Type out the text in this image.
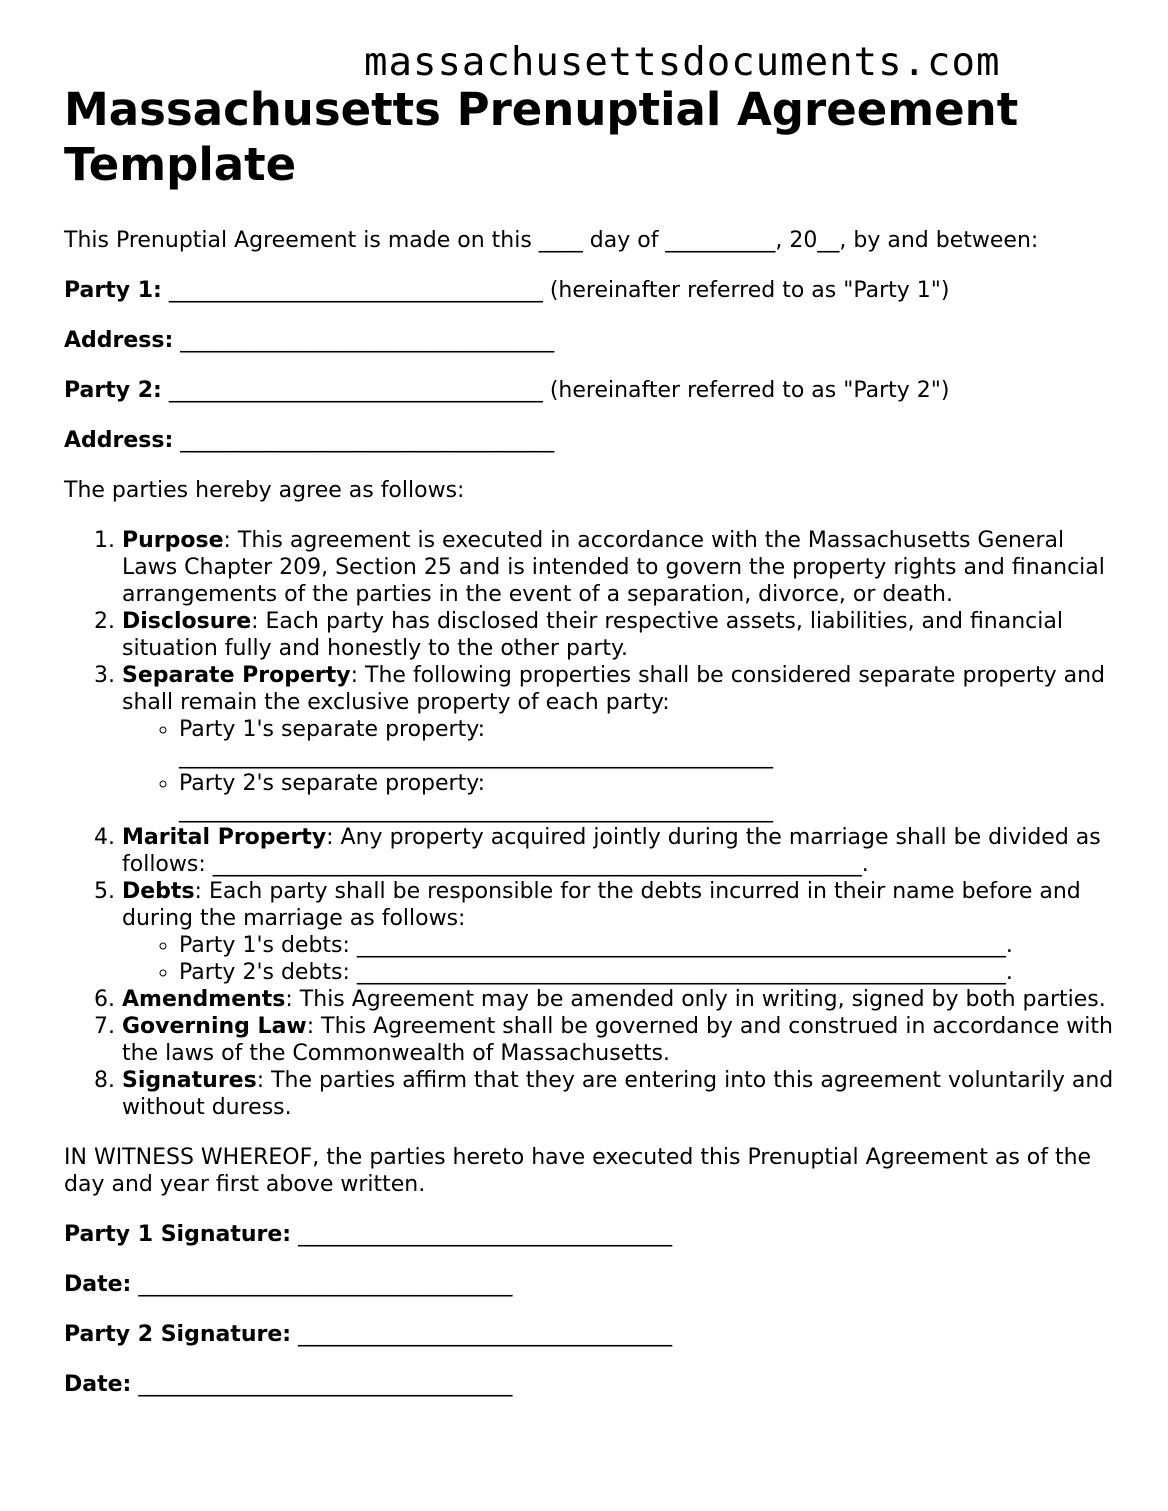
massachusettsdocuments.com
Massachusetts Prenuptial Agreement Template

This Prenuptial Agreement is made on this ____ day of __________, 20__, by and between:

Party 1: __________________________________ (hereinafter referred to as "Party 1")

Address: __________________________________

Party 2: __________________________________ (hereinafter referred to as "Party 2")

Address: __________________________________

The parties hereby agree as follows:

1. Purpose: This agreement is executed in accordance with the Massachusetts General Laws Chapter 209, Section 25 and is intended to govern the property rights and financial arrangements of the parties in the event of a separation, divorce, or death.
2. Disclosure: Each party has disclosed their respective assets, liabilities, and financial situation fully and honestly to the other party.
3. Separate Property: The following properties shall be considered separate property and shall remain the exclusive property of each party:
◦ Party 1's separate property:
______________________________________________________
◦ Party 2's separate property:
______________________________________________________
4. Marital Property: Any property acquired jointly during the marriage shall be divided as follows: ___________________________________________________________.
5. Debts: Each party shall be responsible for the debts incurred in their name before and during the marriage as follows:
◦ Party 1's debts: ___________________________________________________________.
◦ Party 2's debts: ___________________________________________________________.
6. Amendments: This Agreement may be amended only in writing, signed by both parties.
7. Governing Law: This Agreement shall be governed by and construed in accordance with the laws of the Commonwealth of Massachusetts.
8. Signatures: The parties affirm that they are entering into this agreement voluntarily and without duress.

IN WITNESS WHEREOF, the parties hereto have executed this Prenuptial Agreement as of the day and year first above written.

Party 1 Signature: __________________________________

Date: __________________________________

Party 2 Signature: __________________________________

Date: __________________________________
